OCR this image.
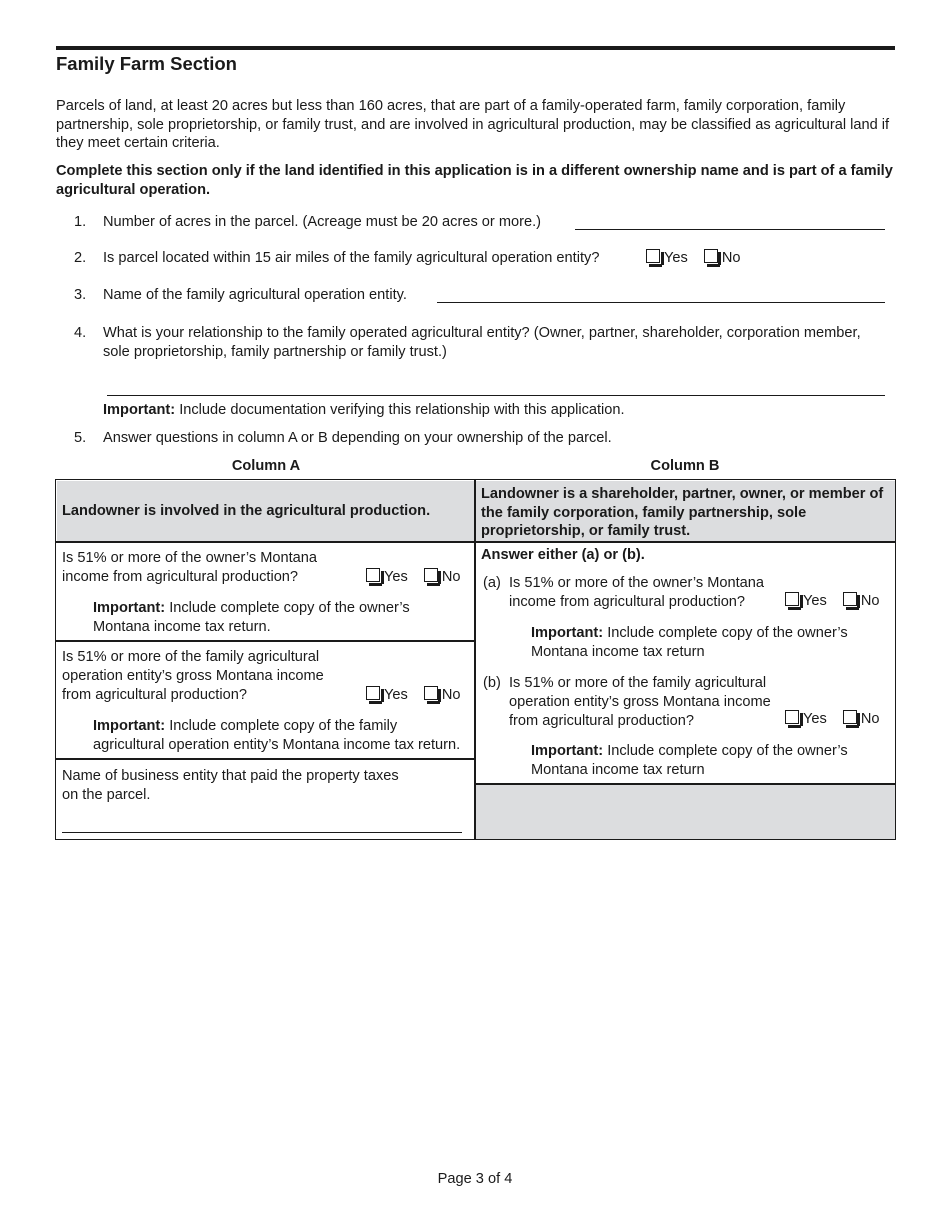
Family Farm Section
Parcels of land, at least 20 acres but less than 160 acres, that are part of a family-operated farm, family corporation, family partnership, sole proprietorship, or family trust, and are involved in agricultural production, may be classified as agricultural land if they meet certain criteria.
Complete this section only if the land identified in this application is in a different ownership name and is part of a family agricultural operation.
1. Number of acres in the parcel. (Acreage must be 20 acres or more.)
2. Is parcel located within 15 air miles of the family agricultural operation entity?	Yes No
3. Name of the family agricultural operation entity.
4. What is your relationship to the family operated agricultural entity? (Owner, partner, shareholder, corporation member, sole proprietorship, family partnership or family trust.)
Important: Include documentation verifying this relationship with this application.
5. Answer questions in column A or B depending on your ownership of the parcel.
Column A	Column B
Landowner is involved in the agricultural production.
Is 51% or more of the owner’s Montana
income from agricultural production?	Yes No
Important: Include complete copy of the owner’s Montana income tax return.
Is 51% or more of the family agricultural
operation entity’s gross Montana income
from agricultural production?	Yes No
Important: Include complete copy of the family agricultural operation entity’s Montana income tax return.
Name of business entity that paid the property taxes on the parcel.
Landowner is a shareholder, partner, owner, or member of the family corporation, family partnership, sole proprietorship, or family trust.
Answer either (a) or (b).
(a) Is 51% or more of the owner’s Montana
income from agricultural production?	Yes No
Important: Include complete copy of the owner’s Montana income tax return
(b) Is 51% or more of the family agricultural
operation entity’s gross Montana income
from agricultural production?	Yes No
Important: Include complete copy of the owner’s Montana income tax return
Page 3 of 4
